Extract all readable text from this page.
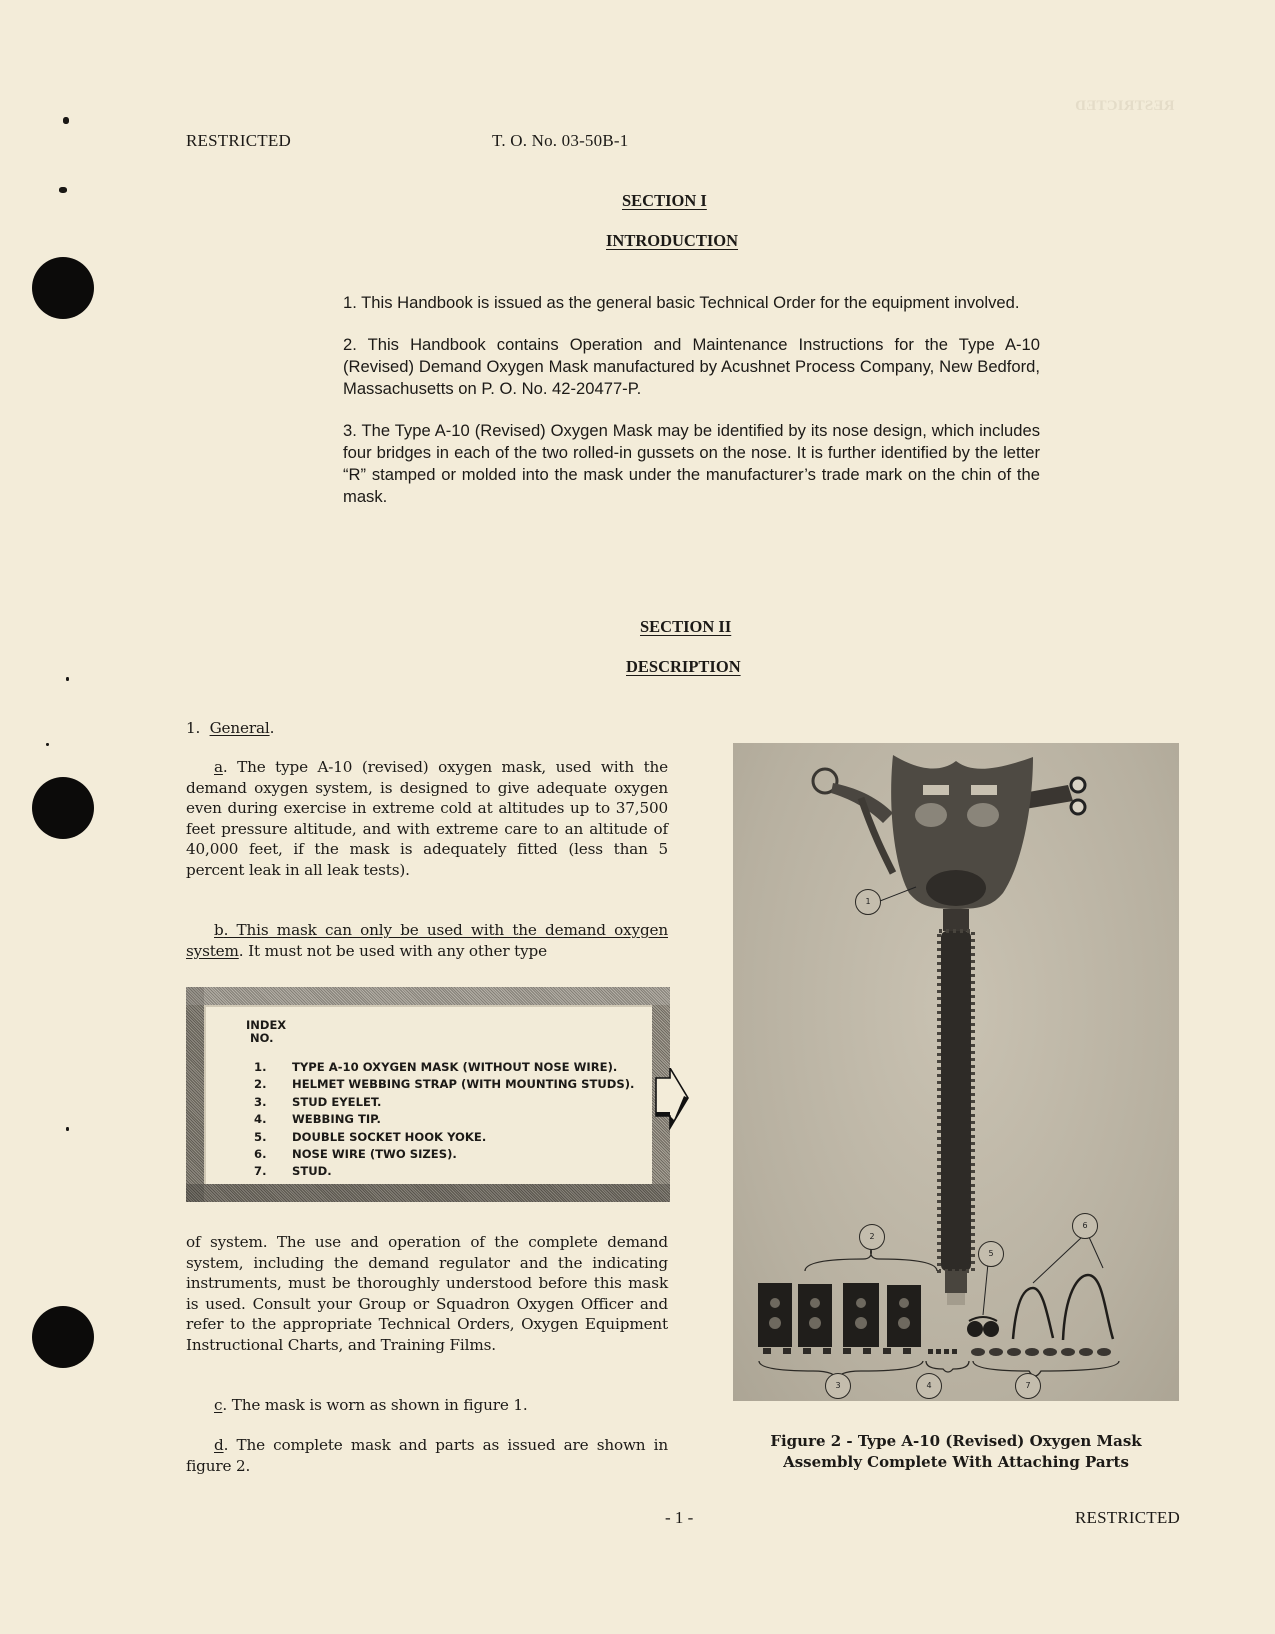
RESTRICTED
RESTRICTED	T. O. No. 03-50B-1
SECTION I
INTRODUCTION

1. This Handbook is issued as the general basic Technical Order for the equipment involved.

2. This Handbook contains Operation and Maintenance Instructions for the Type A-10 (Revised) Demand Oxygen Mask manufactured by Acushnet Process Company, New Bedford, Massachusetts on P. O. No. 42-20477-P.

3. The Type A-10 (Revised) Oxygen Mask may be identified by its nose design, which includes four bridges in each of the two rolled-in gussets on the nose. It is further identified by the letter “R” stamped or molded into the mask under the manufacturer’s trade mark on the chin of the mask.

SECTION II
DESCRIPTION
1. General.

a. The type A-10 (revised) oxygen mask, used with the demand oxygen system, is designed to give adequate oxygen even during exercise in extreme cold at altitudes up to 37,500 feet pressure altitude, and with extreme care to an altitude of 40,000 feet, if the mask is adequately fitted (less than 5 percent leak in all leak tests).

b. This mask can only be used with the demand oxygen system. It must not be used with any other type

INDEX
NO.
1.	TYPE A-10 OXYGEN MASK (WITHOUT NOSE WIRE).
2.	HELMET WEBBING STRAP (WITH MOUNTING STUDS).
3.	STUD EYELET.
4.	WEBBING TIP.
5.	DOUBLE SOCKET HOOK YOKE.
6.	NOSE WIRE (TWO SIZES).
7.	STUD.

of system. The use and operation of the complete demand system, including the demand regulator and the indicating instruments, must be thoroughly understood before this mask is used. Consult your Group or Squadron Oxygen Officer and refer to the appropriate Technical Orders, Oxygen Equipment Instructional Charts, and Training Films.

c. The mask is worn as shown in figure 1.

d. The complete mask and parts as issued are shown in figure 2.

1
2
3	4
5
6
7
Figure 2 - Type A-10 (Revised) Oxygen Mask
Assembly Complete With Attaching Parts
- 1 -	RESTRICTED
